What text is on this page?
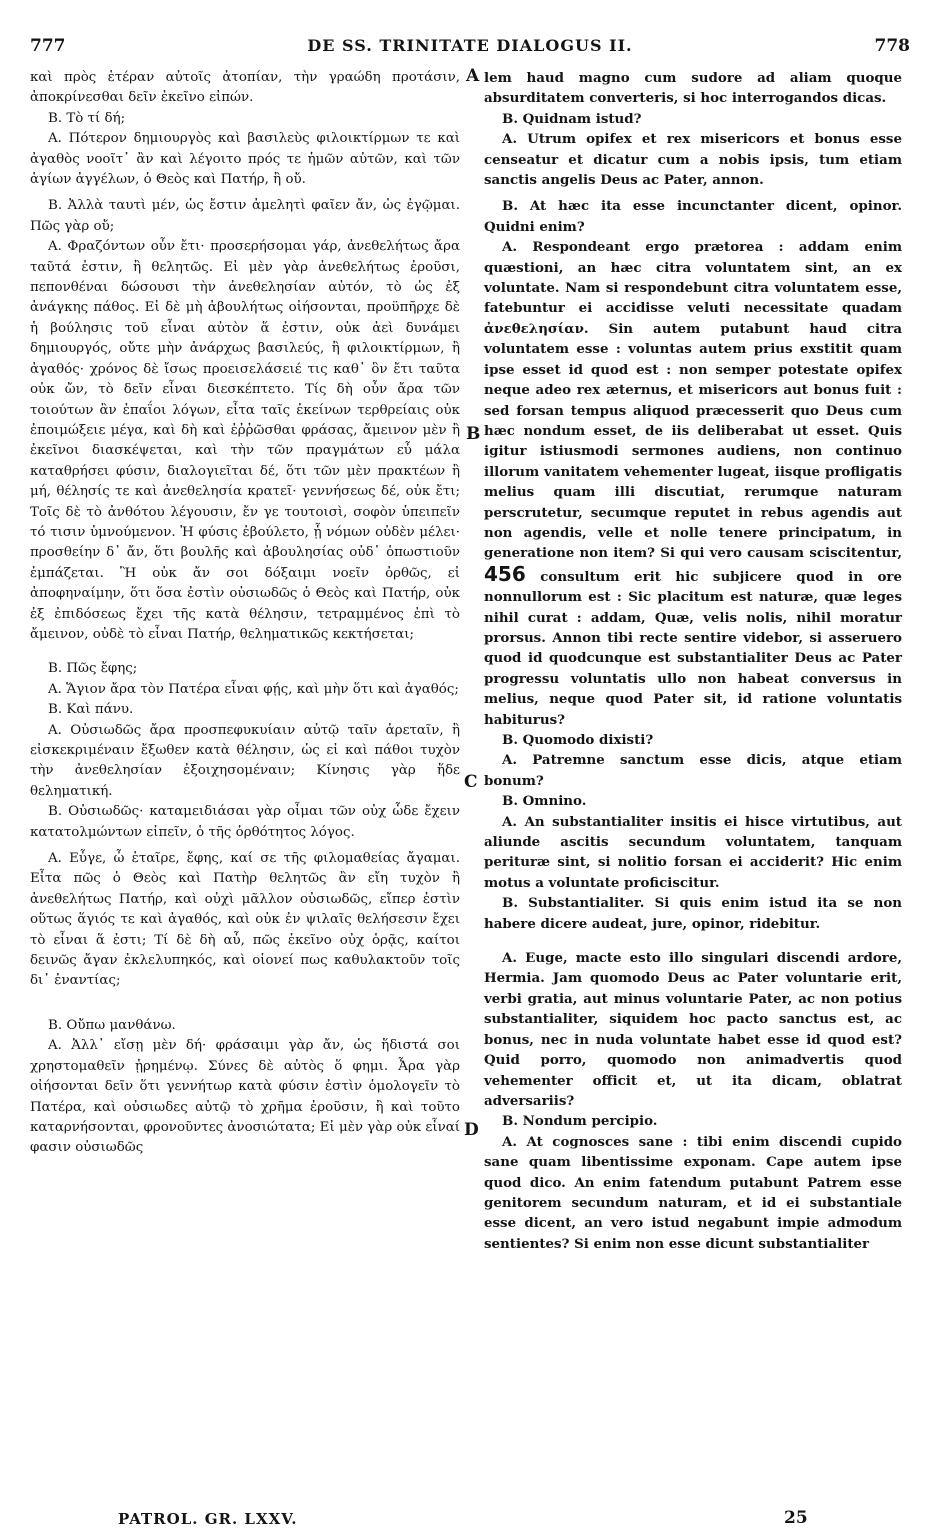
777	DE SS. TRINITATE DIALOGUS II.	778

καὶ πρὸς ἑτέραν αὐτοῖς ἀτοπίαν, τὴν γραώδη προτάσιν, ἀποκρίνεσθαι δεῖν ἐκεῖνο εἰπών.

Β. Τὸ τί δή;

Α. Πότερον δημιουργὸς καὶ βασιλεὺς φιλοικτίρμων τε καὶ ἀγαθὸς νοοῖτ᾽ ἂν καὶ λέγοιτο πρός τε ἡμῶν αὐτῶν, καὶ τῶν ἁγίων ἀγγέλων, ὁ Θεὸς καὶ Πατήρ, ἢ οὔ.

Β. Ἀλλὰ ταυτὶ μέν, ὡς ἔστιν ἀμελητὶ φαῖεν ἄν, ὡς ἐγῷμαι. Πῶς γὰρ οὔ;

Α. Φραζόντων οὖν ἔτι· προσερήσομαι γάρ, ἀνεθελήτως ἄρα ταῦτά ἐστιν, ἢ θελητῶς. Εἰ μὲν γὰρ ἀνεθελήτως ἐροῦσι, πεπονθέναι δώσουσι τὴν ἀνεθελησίαν αὐτόν, τὸ ὡς ἐξ ἀνάγκης πάθος. Εἰ δὲ μὴ ἀβουλήτως οἰήσονται, προϋπῆρχε δὲ ἡ βούλησις τοῦ εἶναι αὐτὸν ἅ ἐστιν, οὐκ ἀεὶ δυνάμει δημιουργός, οὔτε μὴν ἀνάρχως βασιλεύς, ἢ φιλοικτίρμων, ἢ ἀγαθός· χρόνος δὲ ἴσως προεισελάσειέ τις καθ᾽ ὃν ἔτι ταῦτα οὐκ ὤν, τὸ δεῖν εἶναι διεσκέπτετο. Τίς δὴ οὖν ἄρα τῶν τοιούτων ἂν ἐπαΐοι λόγων, εἶτα ταῖς ἐκείνων τερθρείαις οὐκ ἐποιμώξειε μέγα, καὶ δὴ καὶ ἐῤῥῶσθαι φράσας, ἄμεινον μὲν ἢ ἐκεῖνοι διασκέψεται, καὶ τὴν τῶν πραγμάτων εὖ μάλα καταθρήσει φύσιν, διαλογιεῖται δέ, ὅτι τῶν μὲν πρακτέων ἢ μή, θέλησίς τε καὶ ἀνεθελησία κρατεῖ· γεννήσεως δέ, οὐκ ἔτι; Τοῖς δὲ τὸ ἀνθότου λέγουσιν, ἔν γε τουτοισὶ, σοφὸν ὑπειπεῖν τό τισιν ὑμνούμενον. Ἡ φύσις ἐβούλετο, ᾗ νόμων οὐδὲν μέλει· προσθείην δ᾽ ἄν, ὅτι βουλῆς καὶ ἀβουλησίας οὐδ᾽ ὁπωστιοῦν ἐμπάζεται. Ἢ οὐκ ἄν σοι δόξαιμι νοεῖν ὀρθῶς, εἰ ἀποφηναίμην, ὅτι ὅσα ἐστὶν οὐσιωδῶς ὁ Θεὸς καὶ Πατήρ, οὐκ ἐξ ἐπιδόσεως ἔχει τῆς κατὰ θέλησιν, τετραμμένος ἐπὶ τὸ ἄμεινον, οὐδὲ τὸ εἶναι Πατήρ, θεληματικῶς κεκτήσεται;

Β. Πῶς ἔφης;

Α. Ἅγιον ἄρα τὸν Πατέρα εἶναι φῄς, καὶ μὴν ὅτι καὶ ἀγαθός;

Β. Καὶ πάνυ.

Α. Οὐσιωδῶς ἄρα προσπεφυκυίαιν αὐτῷ ταῖν ἀρεταῖν, ἢ εἰσκεκριμέναιν ἔξωθεν κατὰ θέλησιν, ὡς εἰ καὶ πάθοι τυχὸν τὴν ἀνεθελησίαν ἐξοιχησομέναιν; Κίνησις γὰρ ἥδε θεληματική.

Β. Οὐσιωδῶς· καταμειδιάσαι γὰρ οἶμαι τῶν οὐχ ὧδε ἔχειν κατατολμώντων εἰπεῖν, ὁ τῆς ὀρθότητος λόγος.

Α. Εὖγε, ὦ ἑταῖρε, ἔφης, καί σε τῆς φιλομαθείας ἄγαμαι. Εἶτα πῶς ὁ Θεὸς καὶ Πατὴρ θελητῶς ἂν εἴη τυχὸν ἢ ἀνεθελήτως Πατήρ, καὶ οὐχὶ μᾶλλον οὐσιωδῶς, εἴπερ ἐστὶν οὕτως ἅγιός τε καὶ ἀγαθός, καὶ οὐκ ἐν ψιλαῖς θελήσεσιν ἔχει τὸ εἶναι ἅ ἐστι; Τί δὲ δὴ αὖ, πῶς ἐκεῖνο οὐχ ὁρᾷς, καίτοι δεινῶς ἄγαν ἐκλελυπηκός, καὶ οἱονεί πως καθυλακτοῦν τοῖς δι᾽ ἐναντίας;

Β. Οὔπω μανθάνω.

Α. Ἀλλ᾽ εἴσῃ μὲν δή· φράσαιμι γὰρ ἄν, ὡς ἥδιστά σοι χρηστομαθεῖν ᾑρημένῳ. Σύνες δὲ αὐτὸς ὅ φημι. Ἆρα γὰρ οἰήσονται δεῖν ὅτι γεννήτωρ κατὰ φύσιν ἐστὶν ὁμολογεῖν τὸ Πατέρα, καὶ οὐσιωδες αὐτῷ τὸ χρῆμα ἐροῦσιν, ἢ καὶ τοῦτο καταρνήσονται, φρονοῦντες ἀνοσιώτατα; Εἰ μὲν γὰρ οὐκ εἶναί φασιν οὐσιωδῶς

A
B
C
D

lem haud magno cum sudore ad aliam quoque absurditatem converteris, si hoc interrogandos dicas.

B. Quidnam istud?

A. Utrum opifex et rex misericors et bonus esse censeatur et dicatur cum a nobis ipsis, tum etiam sanctis angelis Deus ac Pater, annon.

B. At hæc ita esse incunctanter dicent, opinor. Quidni enim?

A. Respondeant ergo prætorea : addam enim quæstioni, an hæc citra voluntatem sint, an ex voluntate. Nam si respondebunt citra voluntatem esse, fatebuntur ei accidisse veluti necessitate quadam ἀνεθελησίαν. Sin autem putabunt haud citra voluntatem esse : voluntas autem prius exstitit quam ipse esset id quod est : non semper potestate opifex neque adeo rex æternus, et misericors aut bonus fuit : sed forsan tempus aliquod præcesserit quo Deus cum hæc nondum esset, de iis deliberabat ut esset. Quis igitur istiusmodi sermones audiens, non continuo illorum vanitatem vehementer lugeat, iisque profligatis melius quam illi discutiat, rerumque naturam perscrutetur, secumque reputet in rebus agendis aut non agendis, velle et nolle tenere principatum, in generatione non item? Si qui vero causam sciscitentur, 456 consultum erit hic subjicere quod in ore nonnullorum est : Sic placitum est naturæ, quæ leges nihil curat : addam, Quæ, velis nolis, nihil moratur prorsus. Annon tibi recte sentire videbor, si asseruero quod id quodcunque est substantialiter Deus ac Pater progressu voluntatis ullo non habeat conversus in melius, neque quod Pater sit, id ratione voluntatis habiturus?

B. Quomodo dixisti?

A. Patremne sanctum esse dicis, atque etiam bonum?

B. Omnino.

A. An substantialiter insitis ei hisce virtutibus, aut aliunde ascitis secundum voluntatem, tanquam perituræ sint, si nolitio forsan ei acciderit? Hic enim motus a voluntate proficiscitur.

B. Substantialiter. Si quis enim istud ita se non habere dicere audeat, jure, opinor, ridebitur.

A. Euge, macte esto illo singulari discendi ardore, Hermia. Jam quomodo Deus ac Pater voluntarie erit, verbi gratia, aut minus voluntarie Pater, ac non potius substantialiter, siquidem hoc pacto sanctus est, ac bonus, nec in nuda voluntate habet esse id quod est? Quid porro, quomodo non animadvertis quod vehementer officit et, ut ita dicam, oblatrat adversariis?

B. Nondum percipio.

A. At cognosces sane : tibi enim discendi cupido sane quam libentissime exponam. Cape autem ipse quod dico. An enim fatendum putabunt Patrem esse genitorem secundum naturam, et id ei substantiale esse dicent, an vero istud negabunt impie admodum sentientes? Si enim non esse dicunt substantialiter

PATROL. GR. LXXV.	25
